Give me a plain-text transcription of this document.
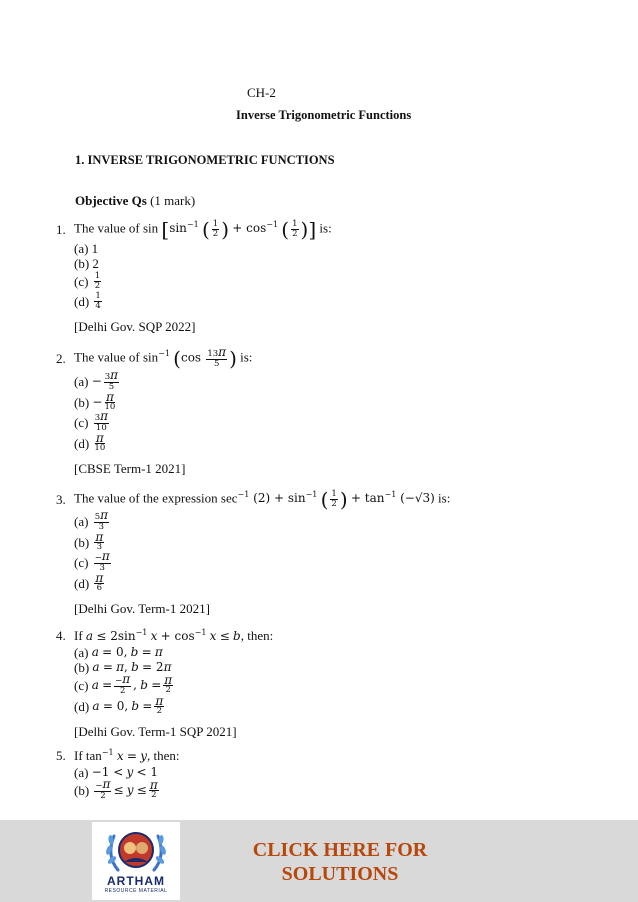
CH-2
Inverse Trigonometric Functions
1. INVERSE TRIGONOMETRIC FUNCTIONS
Objective Qs (1 mark)
1. The value of $\sin [\sin^{-1}$ ( $\frac{1}{2}$ ) + $\cos^{-1}$ ( $\frac{1}{2}$ )] is:
(a) 1
(b) 2
(c)
$\frac{1}{2}$
(d)
$\frac{1}{4}$
[Delhi Gov. SQP 2022]
2. The value of $\sin^{-1} (\cos \frac{13\pi}{5}$ ) is:
(a)
− $\frac{3\pi}{5}$
(b)
− $\frac{\pi}{10}$
(c)
$\frac{3\pi}{10}$
(d)
$\frac{\pi}{10}$
[CBSE Term-1 2021]
3. The value of the expression $\sec^{-1} (2) + \sin^{-1}$ ( $\frac{1}{2}$ ) + $\tan^{-1} (-√3)$ is:
(a)
$\frac{5\pi}{3}$
(b)
$\frac{\pi}{3}$
(c)
$\frac{-\pi}{3}$
(d)
$\frac{\pi}{6}$
[Delhi Gov. Term-1 2021]
4. If $a \le 2\sin^{-1}$ $x + \cos^{-1} x \le b$, then:
(a)
a
= 0,
b
=
π
(b)
a
=
π ,
b
= 2 π
(c)
a
= $\frac{-\pi}{2}$ ,
b
= $\frac{\pi}{2}$
(d)
a
= 0,
b
= $\frac{\pi}{2}$
[Delhi Gov. Term-1 SQP 2021]
5. If $\tan^{-1} x = y$, then:
(a)
−1 <
y
< 1
(b)
$\frac{-\pi}{2}$ ≤
y
≤ $\frac{\pi}{2}$
ARTHAM
RESOURCE MATERIAL
CLICK HERE FOR
SOLUTIONS
